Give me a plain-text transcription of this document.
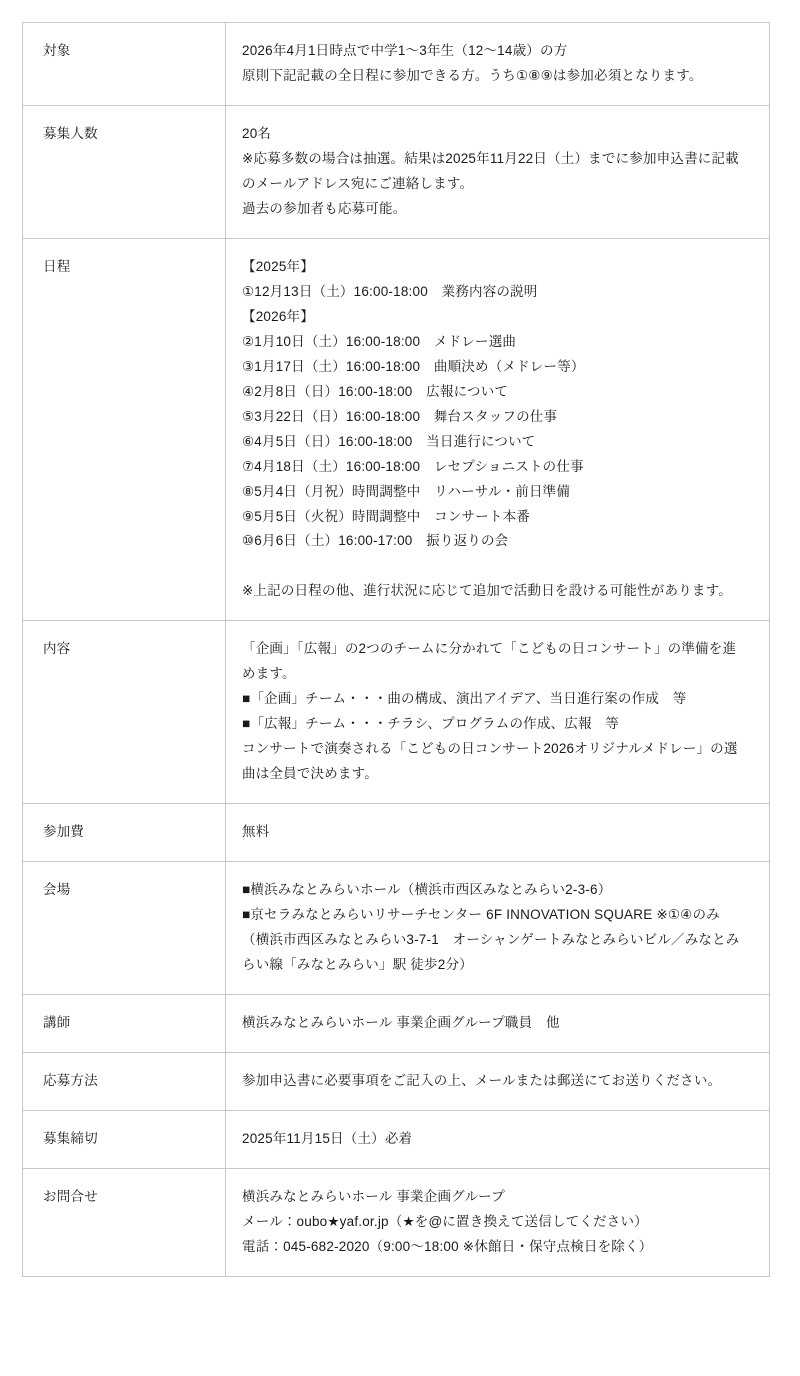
対象	2026年4月1日時点で中学1〜3年生（12〜14歳）の方
原則下記記載の全日程に参加できる方。うち①⑧⑨は参加必須となります。

募集人数	20名
※応募多数の場合は抽選。結果は2025年11月22日（土）までに参加申込書に記載のメールアドレス宛にご連絡します。
過去の参加者も応募可能。

日程	【2025年】
①12月13日（土）16:00-18:00　業務内容の説明
【2026年】
②1月10日（土）16:00-18:00　メドレー選曲
③1月17日（土）16:00-18:00　曲順決め（メドレー等）
④2月8日（日）16:00-18:00　広報について
⑤3月22日（日）16:00-18:00　舞台スタッフの仕事
⑥4月5日（日）16:00-18:00　当日進行について
⑦4月18日（土）16:00-18:00　レセプショニストの仕事
⑧5月4日（月祝）時間調整中　リハーサル・前日準備
⑨5月5日（火祝）時間調整中　コンサート本番
⑩6月6日（土）16:00-17:00　振り返りの会
※上記の日程の他、進行状況に応じて追加で活動日を設ける可能性があります。

内容	「企画」「広報」の2つのチームに分かれて「こどもの日コンサート」の準備を進めます。
■「企画」チーム・・・曲の構成、演出アイデア、当日進行案の作成　等
■「広報」チーム・・・チラシ、プログラムの作成、広報　等
コンサートで演奏される「こどもの日コンサート2026オリジナルメドレー」の選曲は全員で決めます。

参加費	無料

会場	■横浜みなとみらいホール（横浜市西区みなとみらい2-3-6）
■京セラみなとみらいリサーチセンター 6F INNOVATION SQUARE ※①④のみ
（横浜市西区みなとみらい3-7-1　オーシャンゲートみなとみらいビル／みなとみらい線「みなとみらい」駅 徒歩2分）

講師	横浜みなとみらいホール 事業企画グループ職員　他

応募方法	参加申込書に必要事項をご記入の上、メールまたは郵送にてお送りください。

募集締切	2025年11月15日（土）必着

お問合せ	横浜みなとみらいホール 事業企画グループ
メール：oubo★yaf.or.jp（★を@に置き換えて送信してください）
電話：045-682-2020（9:00〜18:00 ※休館日・保守点検日を除く）
